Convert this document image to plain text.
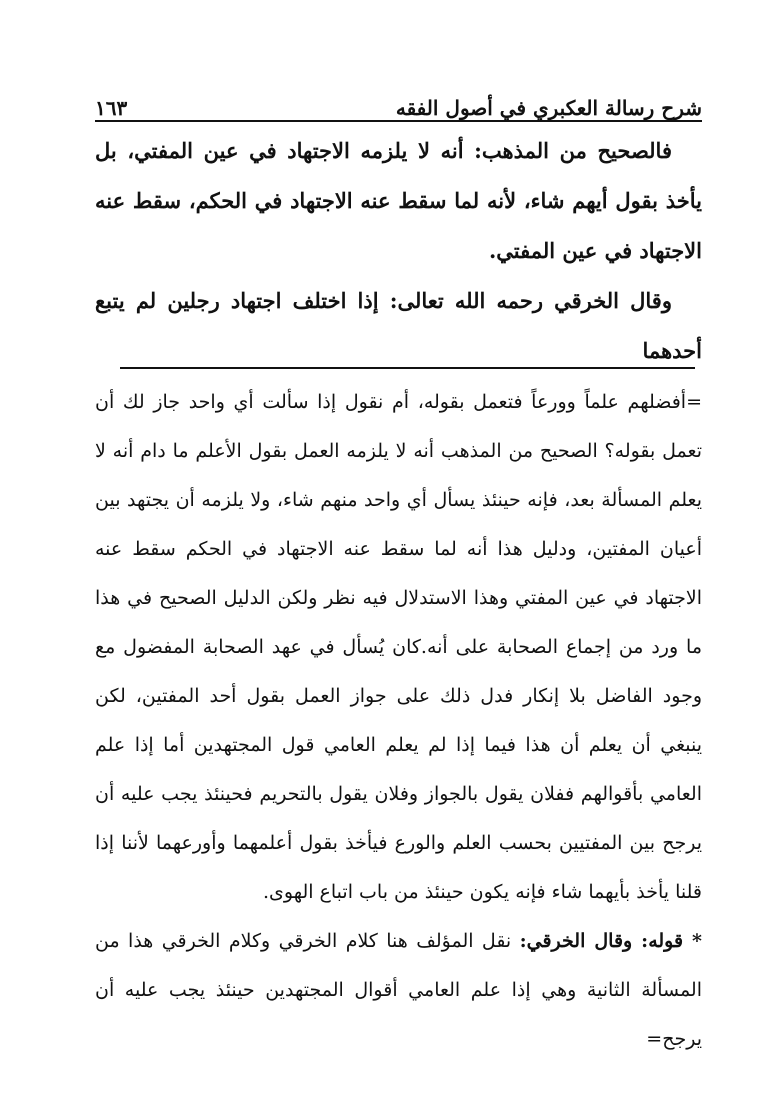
شرح رسالة العكبري في أصول الفقه
١٦٣

فالصحيح من المذهب: أنه لا يلزمه الاجتهاد في عين المفتي، بل يأخذ بقول أيهم شاء، لأنه لما سقط عنه الاجتهاد في الحكم، سقط عنه الاجتهاد في عين المفتي.

وقال الخرقي رحمه الله تعالى: إذا اختلف اجتهاد رجلين لم يتبع أحدهما

=أفضلهم علماً وورعاً فتعمل بقوله، أم نقول إذا سألت أي واحد جاز لك أن تعمل بقوله؟ الصحيح من المذهب أنه لا يلزمه العمل بقول الأعلم ما دام أنه لا يعلم المسألة بعد، فإنه حينئذ يسأل أي واحد منهم شاء، ولا يلزمه أن يجتهد بين أعيان المفتين، ودليل هذا أنه لما سقط عنه الاجتهاد في الحكم سقط عنه الاجتهاد في عين المفتي وهذا الاستدلال فيه نظر ولكن الدليل الصحيح في هذا ما ورد من إجماع الصحابة على أنه.كان يُسأل في عهد الصحابة المفضول مع وجود الفاضل بلا إنكار فدل ذلك على جواز العمل بقول أحد المفتين، لكن ينبغي أن يعلم أن هذا فيما إذا لم يعلم العامي قول المجتهدين أما إذا علم العامي بأقوالهم ففلان يقول بالجواز وفلان يقول بالتحريم فحينئذ يجب عليه أن يرجح بين المفتيين بحسب العلم والورع فيأخذ بقول أعلمهما وأورعهما لأننا إذا قلنا يأخذ بأيهما شاء فإنه يكون حينئذ من باب اتباع الهوى.

* قوله: وقال الخرقي: نقل المؤلف هنا كلام الخرقي وكلام الخرقي هذا من المسألة الثانية وهي إذا علم العامي أقوال المجتهدين حينئذ يجب عليه أن يرجح=
